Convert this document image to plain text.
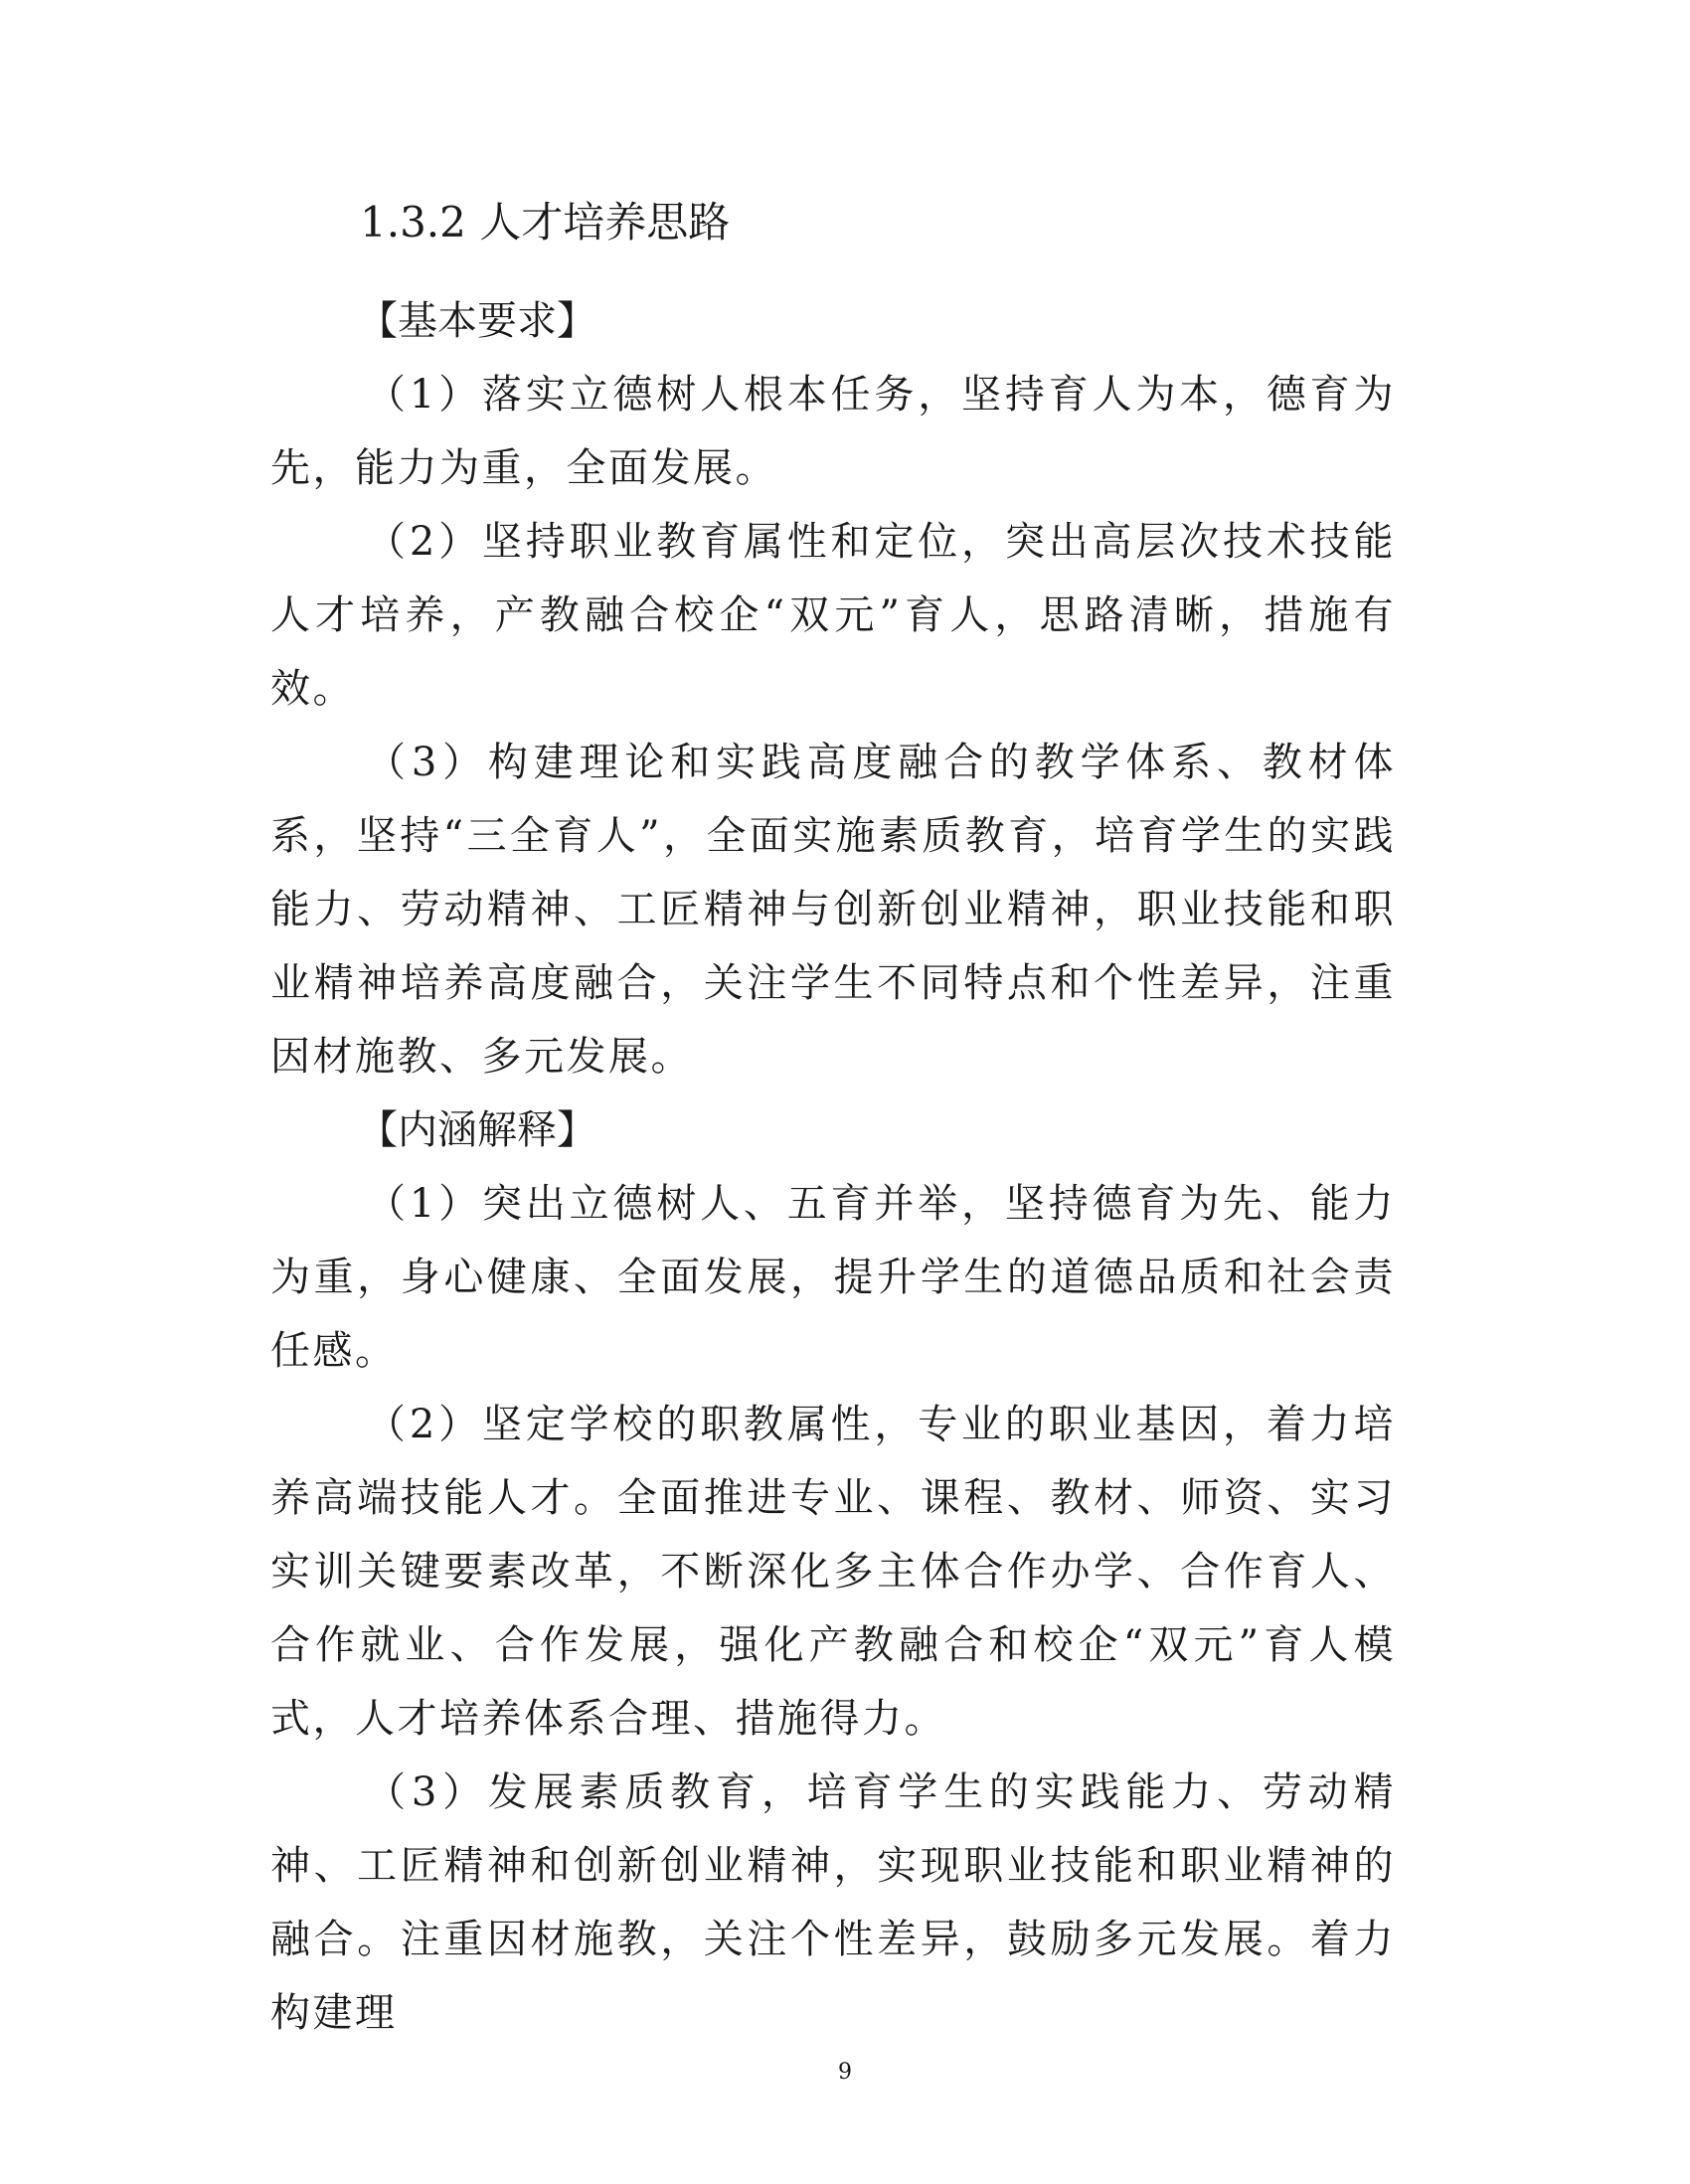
1.3.2 人才培养思路
【基本要求】

（1）落实立德树人根本任务，坚持育人为本，德育为先，能力为重，全面发展。

（2）坚持职业教育属性和定位，突出高层次技术技能人才培养，产教融合校企“双元”育人，思路清晰，措施有效。

（3）构建理论和实践高度融合的教学体系、教材体系，坚持“三全育人”，全面实施素质教育，培育学生的实践能力、劳动精神、工匠精神与创新创业精神，职业技能和职业精神培养高度融合，关注学生不同特点和个性差异，注重因材施教、多元发展。

【内涵解释】

（1）突出立德树人、五育并举，坚持德育为先、能力为重，身心健康、全面发展，提升学生的道德品质和社会责任感。

（2）坚定学校的职教属性，专业的职业基因，着力培养高端技能人才。全面推进专业、课程、教材、师资、实习实训关键要素改革，不断深化多主体合作办学、合作育人、合作就业、合作发展，强化产教融合和校企“双元”育人模式，人才培养体系合理、措施得力。

（3）发展素质教育，培育学生的实践能力、劳动精神、工匠精神和创新创业精神，实现职业技能和职业精神的融合。注重因材施教，关注个性差异，鼓励多元发展。着力构建理

9
